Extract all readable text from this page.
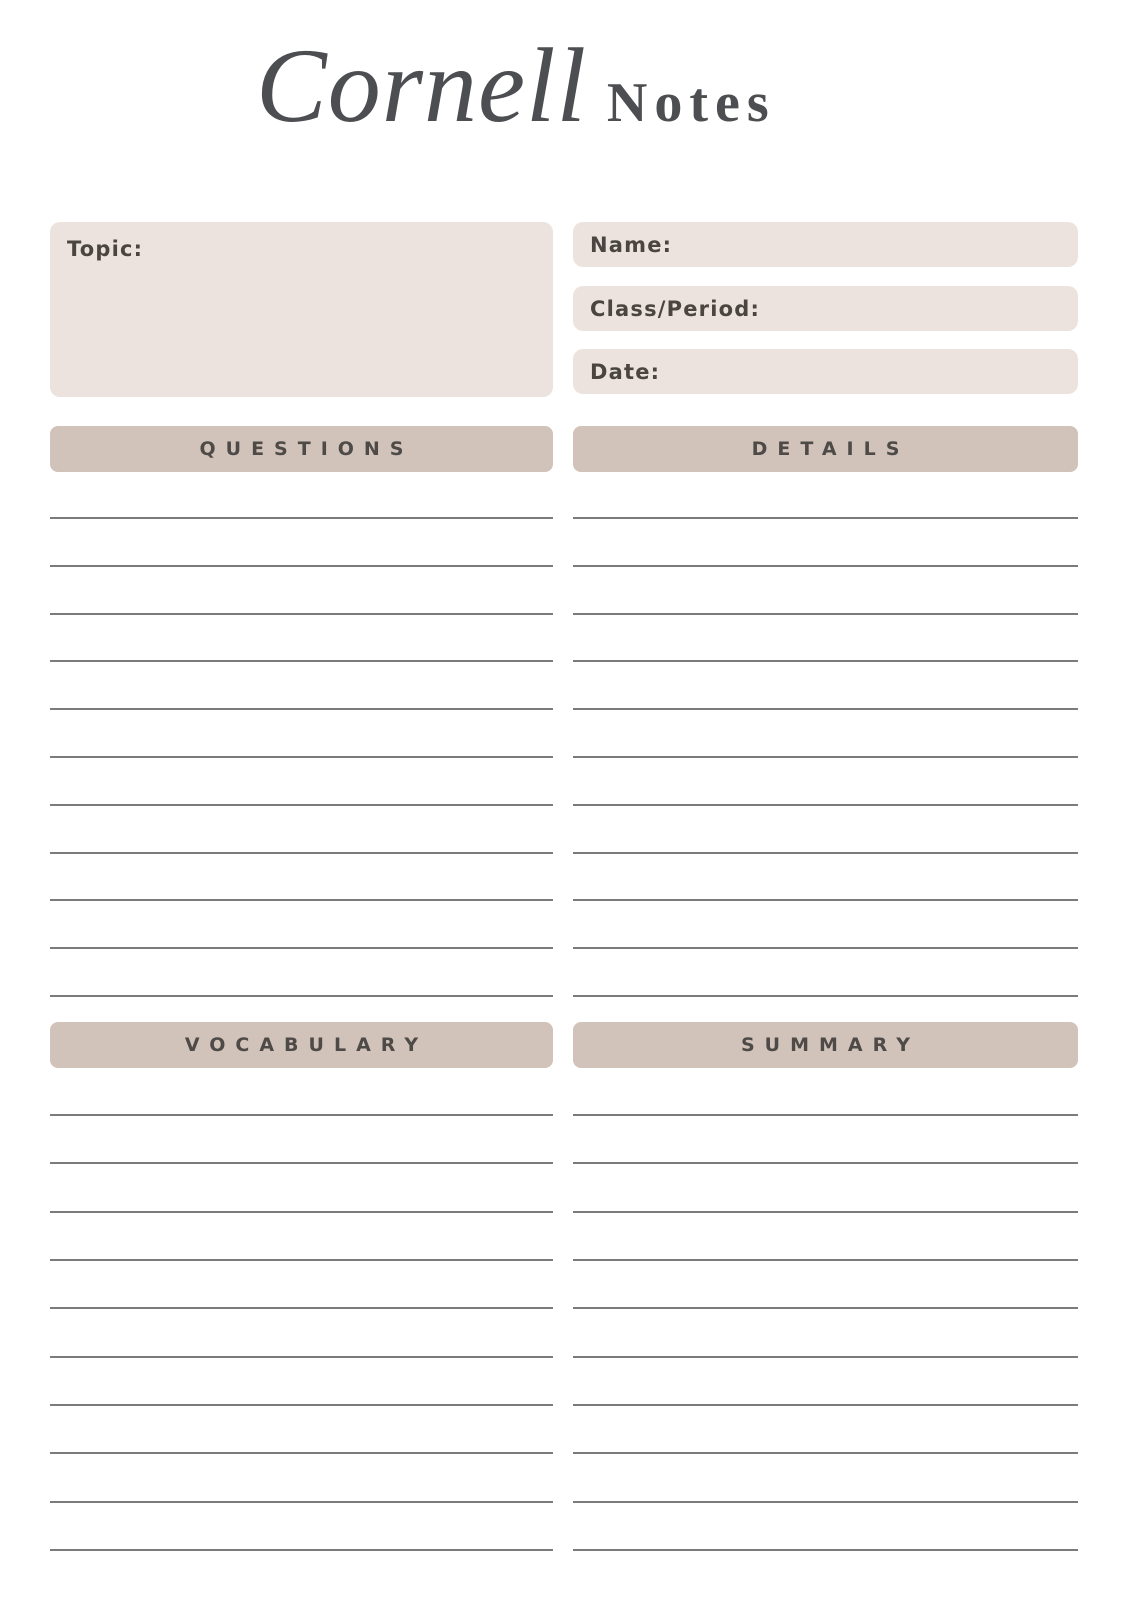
Cornell Notes
Topic:	Name:
Class/Period:
Date:
QUESTIONS	DETAILS
VOCABULARY	SUMMARY
